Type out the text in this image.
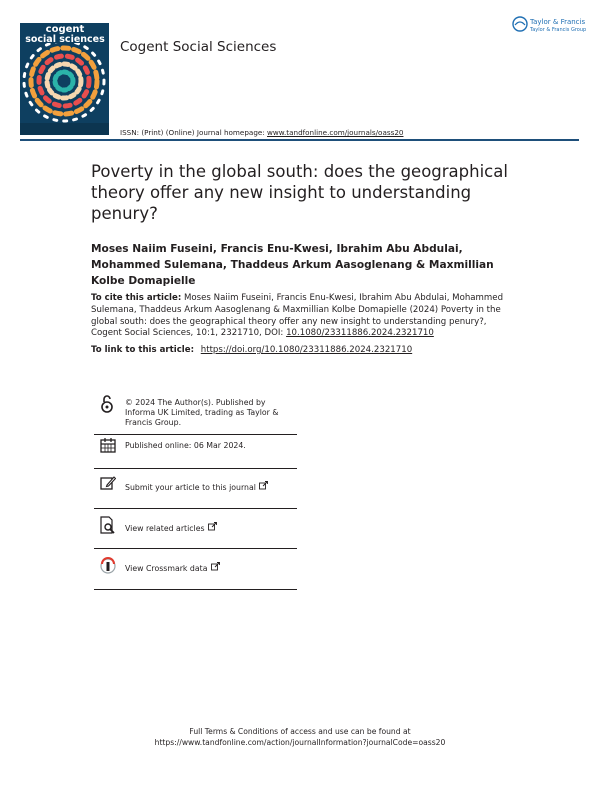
cogent
social sciences Cogent Social Sciences
Taylor & Francis
Taylor & Francis Group
ISSN: (Print) (Online) Journal homepage: www.tandfonline.com/journals/oass20
Poverty in the global south: does the geographical theory offer any new insight to understanding penury?
Moses Naiim Fuseini, Francis Enu-Kwesi, Ibrahim Abu Abdulai, Mohammed Sulemana, Thaddeus Arkum Aasoglenang & Maxmillian Kolbe Domapielle
To cite this article: Moses Naiim Fuseini, Francis Enu-Kwesi, Ibrahim Abu Abdulai, Mohammed Sulemana, Thaddeus Arkum Aasoglenang & Maxmillian Kolbe Domapielle (2024) Poverty in the global south: does the geographical theory offer any new insight to understanding penury?, Cogent Social Sciences, 10:1, 2321710, DOI: 10.1080/23311886.2024.2321710
To link to this article: https://doi.org/10.1080/23311886.2024.2321710
© 2024 The Author(s). Published by Informa UK Limited, trading as Taylor & Francis Group.
Published online: 06 Mar 2024.
Submit your article to this journal
View related articles
View Crossmark data
Full Terms & Conditions of access and use can be found at
https://www.tandfonline.com/action/journalInformation?journalCode=oass20
